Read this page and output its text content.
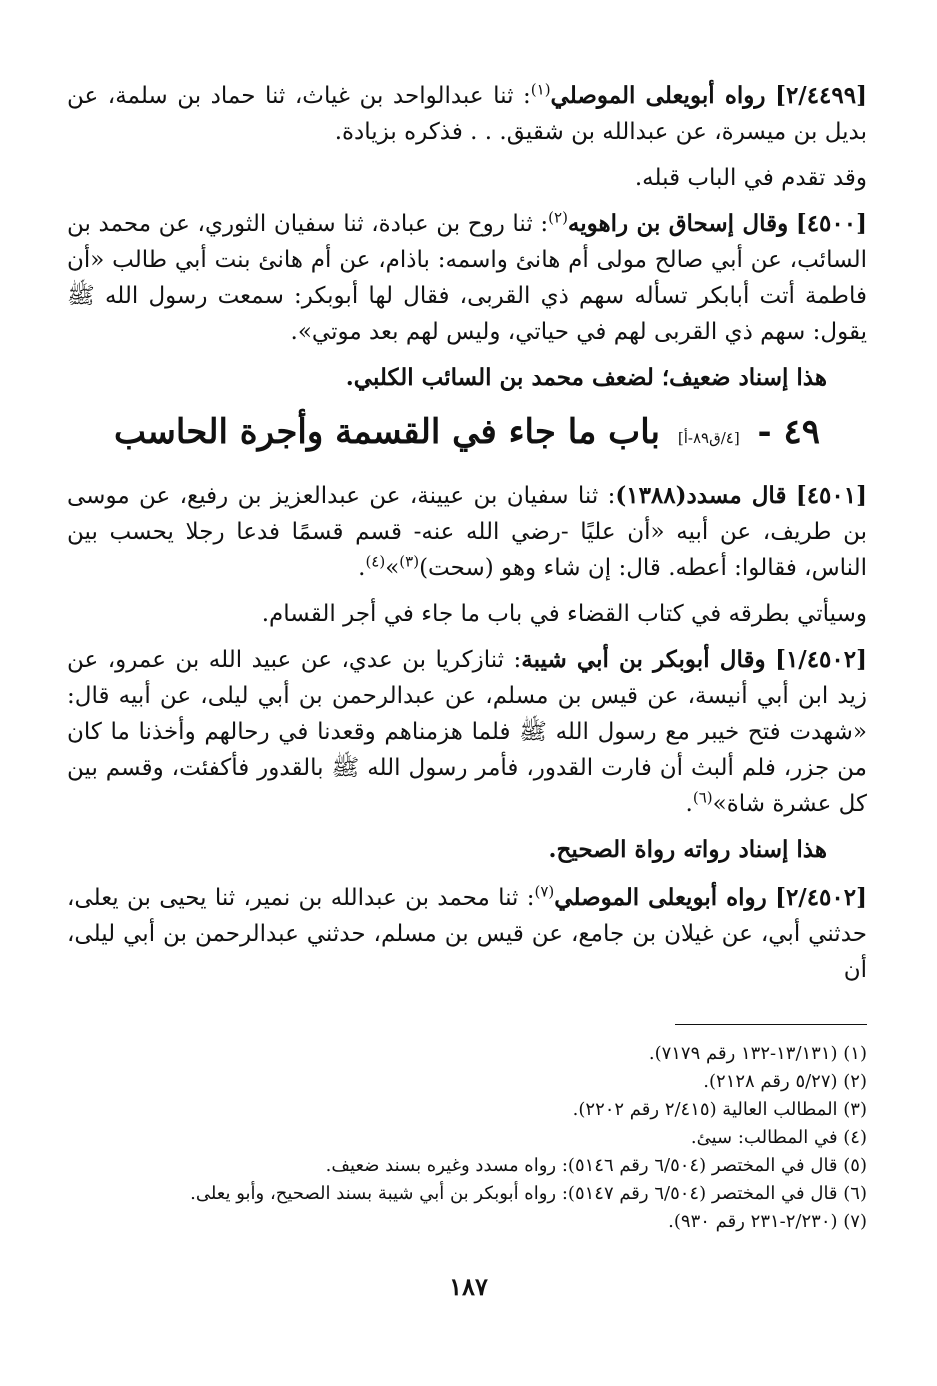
[٢/٤٤٩٩] رواه أبويعلى الموصلي$^{(١)}$: ثنا عبدالواحد بن غياث، ثنا حماد بن سلمة، عن بديل بن ميسرة، عن عبدالله بن شقيق. . . فذكره بزيادة.

وقد تقدم في الباب قبله.

[٤٥٠٠] وقال إسحاق بن راهويه$^{(٢)}$: ثنا روح بن عبادة، ثنا سفيان الثوري، عن محمد بن السائب، عن أبي صالح مولى أم هانئ واسمه: باذام، عن أم هانئ بنت أبي طالب «أن فاطمة أتت أبابكر تسأله سهم ذي القربى، فقال لها أبوبكر: سمعت رسول الله ﷺ يقول: سهم ذي القربى لهم في حياتي، وليس لهم بعد موتي».

هذا إسناد ضعيف؛ لضعف محمد بن السائب الكلبي.

٤٩ - [٤/ق٨٩-أ] باب ما جاء في القسمة وأجرة الحاسب

[٤٥٠١] قال مسدد(١٣٨٨): ثنا سفيان بن عيينة، عن عبدالعزيز بن رفيع، عن موسى بن طريف، عن أبيه «أن عليًا -رضي الله عنه- قسم قسمًا فدعا رجلا يحسب بين الناس، فقالوا: أعطه. قال: إن شاء وهو (سحت)$^{(٣)}$»$^{(٤)}$.

وسيأتي بطرقه في كتاب القضاء في باب ما جاء في أجر القسام.

[١/٤٥٠٢] وقال أبوبكر بن أبي شيبة: ثنازكريا بن عدي، عن عبيد الله بن عمرو، عن زيد ابن أبي أنيسة، عن قيس بن مسلم، عن عبدالرحمن بن أبي ليلى، عن أبيه قال: «شهدت فتح خيبر مع رسول الله ﷺ فلما هزمناهم وقعدنا في رحالهم وأخذنا ما كان من جزر، فلم ألبث أن فارت القدور، فأمر رسول الله ﷺ بالقدور فأكفئت، وقسم بين كل عشرة شاة»$^{(٦)}$.

هذا إسناد رواته رواة الصحيح.

[٢/٤٥٠٢] رواه أبويعلى الموصلي$^{(٧)}$: ثنا محمد بن عبدالله بن نمير، ثنا يحيى بن يعلى، حدثني أبي، عن غيلان بن جامع، عن قيس بن مسلم، حدثني عبدالرحمن بن أبي ليلى، أن

(١) (١٣/١٣١-١٣٢ رقم ٧١٧٩).
(٢) (٥/٢٧ رقم ٢١٢٨).
(٣) المطالب العالية (٢/٤١٥ رقم ٢٢٠٢).
(٤) في المطالب: سيئ.
(٥) قال في المختصر (٦/٥٠٤ رقم ٥١٤٦): رواه مسدد وغيره بسند ضعيف.
(٦) قال في المختصر (٦/٥٠٤ رقم ٥١٤٧): رواه أبوبكر بن أبي شيبة بسند الصحيح، وأبو يعلى.
(٧) (٢/٢٣٠-٢٣١ رقم ٩٣٠).
١٨٧
